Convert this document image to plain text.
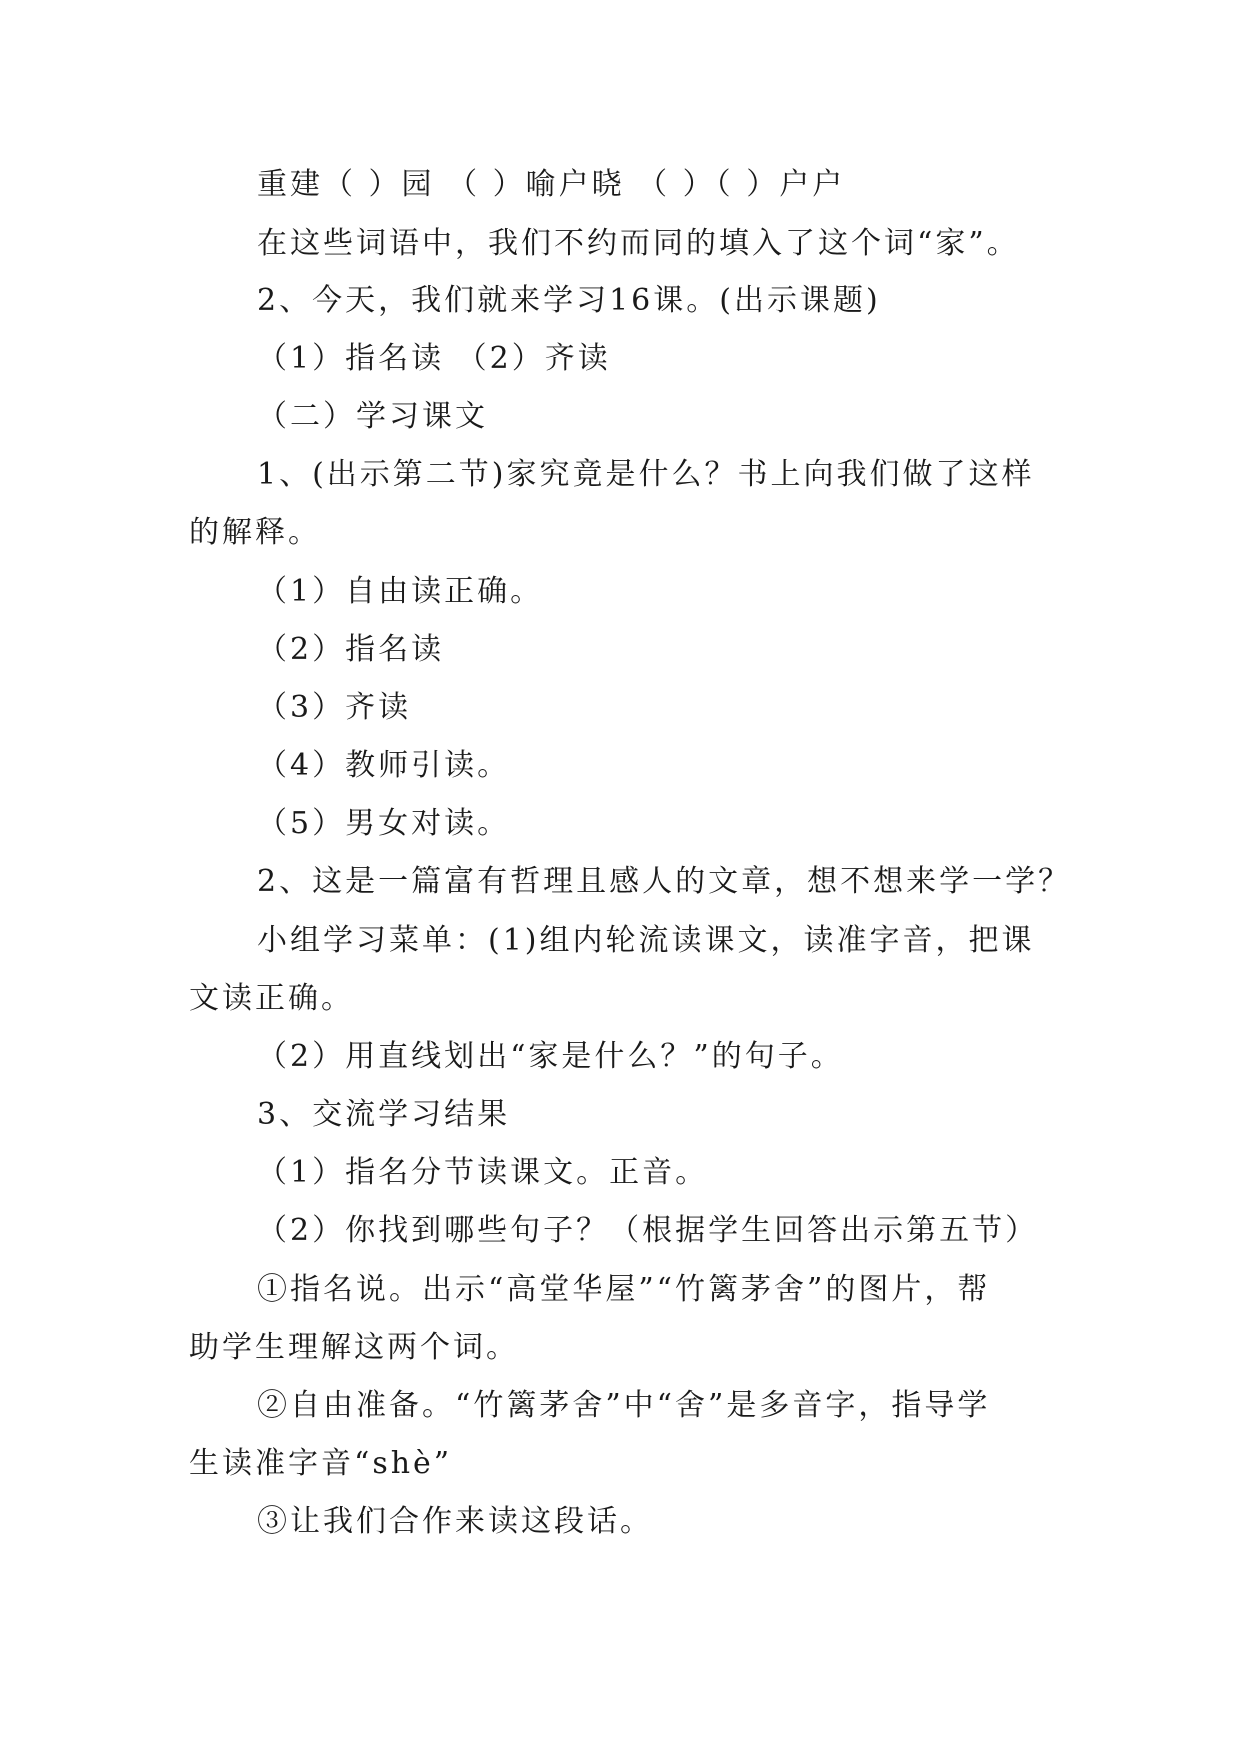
重建（ ）园 （ ）喻户晓 （ ）（ ）户户
在这些词语中，我们不约而同的填入了这个词“家”。
2、今天，我们就来学习16课。(出示课题)
（1）指名读 （2）齐读
（二）学习课文
1、(出示第二节)家究竟是什么？书上向我们做了这样
的解释。
（1）自由读正确。
（2）指名读
（3）齐读
（4）教师引读。
（5）男女对读。
2、这是一篇富有哲理且感人的文章，想不想来学一学？
小组学习菜单：(1)组内轮流读课文，读准字音，把课
文读正确。
（2）用直线划出“家是什么？”的句子。
3、交流学习结果
（1）指名分节读课文。正音。
（2）你找到哪些句子？（根据学生回答出示第五节）
①指名说。出示“高堂华屋”“竹篱茅舍”的图片，帮
助学生理解这两个词。
②自由准备。“竹篱茅舍”中“舍”是多音字，指导学
生读准字音“shè”
③让我们合作来读这段话。
